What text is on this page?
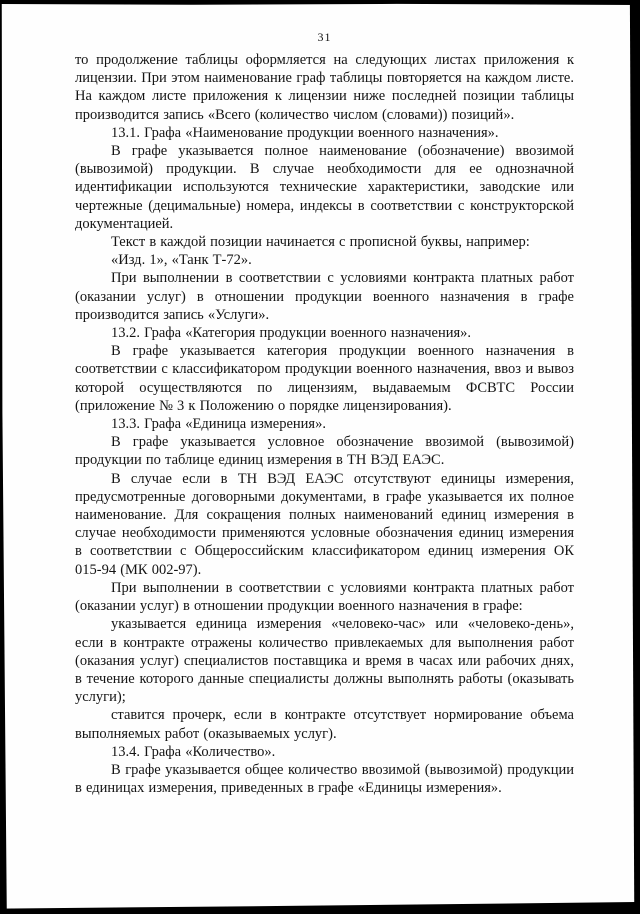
31

то продолжение таблицы оформляется на следующих листах приложения к лицензии. При этом наименование граф таблицы повторяется на каждом листе. На каждом листе приложения к лицензии ниже последней позиции таблицы производится запись «Всего (количество числом (словами)) позиций».

13.1. Графа «Наименование продукции военного назначения».

В графе указывается полное наименование (обозначение) ввозимой (вывозимой) продукции. В случае необходимости для ее однозначной идентификации используются технические характеристики, заводские или чертежные (децимальные) номера, индексы в соответствии с конструкторской документацией.

Текст в каждой позиции начинается с прописной буквы, например:

«Изд. 1», «Танк Т-72».

При выполнении в соответствии с условиями контракта платных работ (оказании услуг) в отношении продукции военного назначения в графе производится запись «Услуги».

13.2. Графа «Категория продукции военного назначения».

В графе указывается категория продукции военного назначения в соответствии с классификатором продукции военного назначения, ввоз и вывоз которой осуществляются по лицензиям, выдаваемым ФСВТС России (приложение № 3 к Положению о порядке лицензирования).

13.3. Графа «Единица измерения».

В графе указывается условное обозначение ввозимой (вывозимой) продукции по таблице единиц измерения в ТН ВЭД ЕАЭС.

В случае если в ТН ВЭД ЕАЭС отсутствуют единицы измерения, предусмотренные договорными документами, в графе указывается их полное наименование. Для сокращения полных наименований единиц измерения в случае необходимости применяются условные обозначения единиц измерения в соответствии с Общероссийским классификатором единиц измерения ОК 015-94 (МК 002-97).

При выполнении в соответствии с условиями контракта платных работ (оказании услуг) в отношении продукции военного назначения в графе:

указывается единица измерения «человеко-час» или «человеко-день», если в контракте отражены количество привлекаемых для выполнения работ (оказания услуг) специалистов поставщика и время в часах или рабочих днях, в течение которого данные специалисты должны выполнять работы (оказывать услуги);

ставится прочерк, если в контракте отсутствует нормирование объема выполняемых работ (оказываемых услуг).

13.4. Графа «Количество».

В графе указывается общее количество ввозимой (вывозимой) продукции в единицах измерения, приведенных в графе «Единицы измерения».
